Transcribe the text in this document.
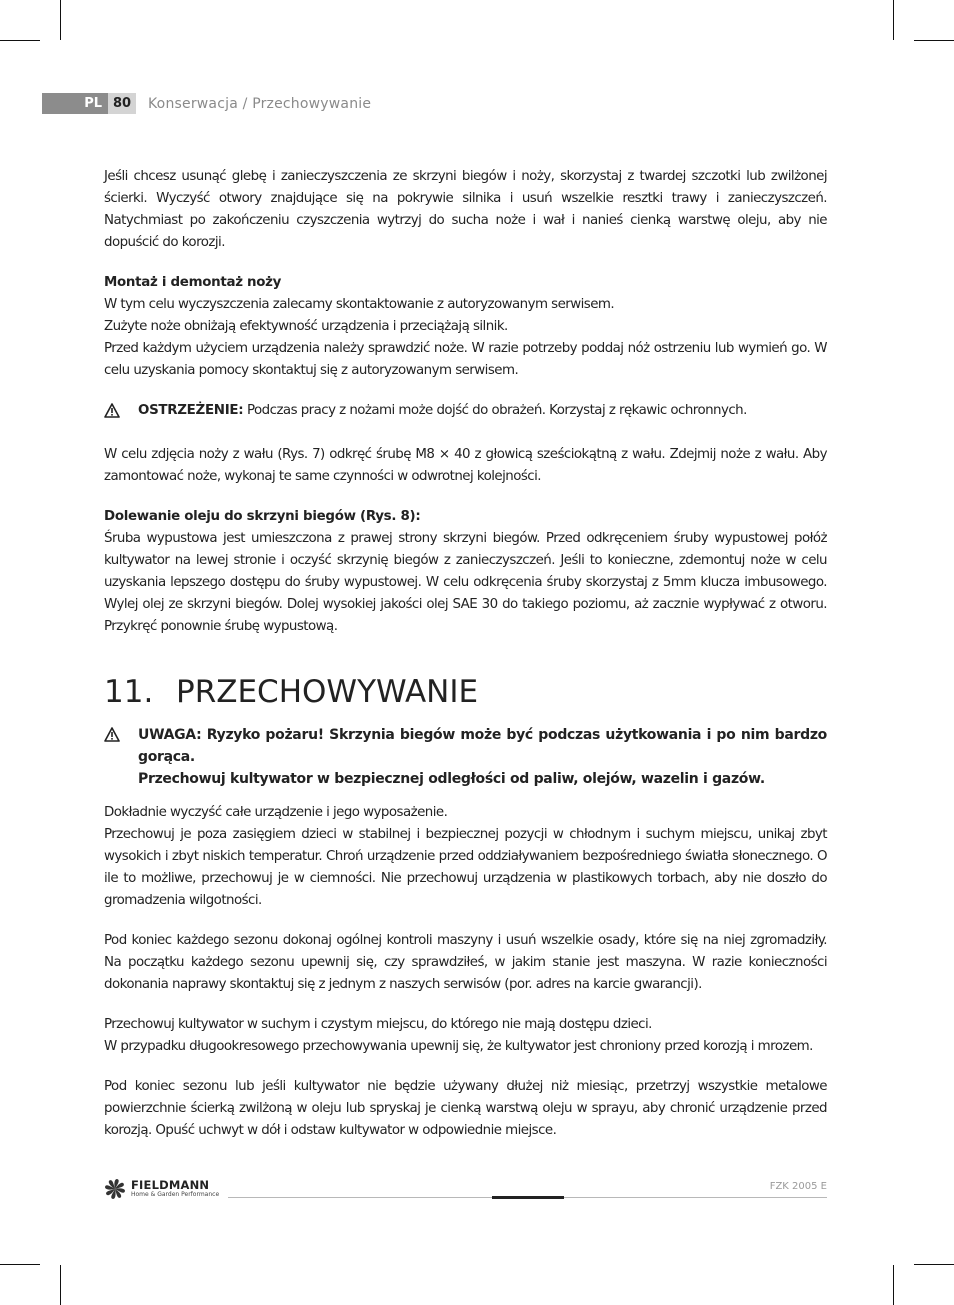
PL 80	Konserwacja / Przechowywanie

Jeśli chcesz usunąć glebę i zanieczyszczenia ze skrzyni biegów i noży, skorzystaj z twardej szczotki lub zwilżonej ścierki. Wyczyść otwory znajdujące się na pokrywie silnika i usuń wszelkie resztki trawy i zanieczyszczeń. Natychmiast po zakończeniu czyszczenia wytrzyj do sucha noże i wał i nanieś cienką warstwę oleju, aby nie dopuścić do korozji.

Montaż i demontaż noży

W tym celu wyczyszczenia zalecamy skontaktowanie z autoryzowanym serwisem.

Zużyte noże obniżają efektywność urządzenia i przeciążają silnik.

Przed każdym użyciem urządzenia należy sprawdzić noże. W razie potrzeby poddaj nóż ostrzeniu lub wymień go. W celu uzyskania pomocy skontaktuj się z autoryzowanym serwisem.

OSTRZEŻENIE: Podczas pracy z nożami może dojść do obrażeń. Korzystaj z rękawic ochronnych.

W celu zdjęcia noży z wału (Rys. 7) odkręć śrubę M8 × 40 z głowicą sześciokątną z wału. Zdejmij noże z wału. Aby zamontować noże, wykonaj te same czynności w odwrotnej kolejności.

Dolewanie oleju do skrzyni biegów (Rys. 8):

Śruba wypustowa jest umieszczona z prawej strony skrzyni biegów. Przed odkręceniem śruby wypustowej połóż kultywator na lewej stronie i oczyść skrzynię biegów z zanieczyszczeń. Jeśli to konieczne, zdemontuj noże w celu uzyskania lepszego dostępu do śruby wypustowej. W celu odkręcenia śruby skorzystaj z 5mm klucza imbusowego. Wylej olej ze skrzyni biegów. Dolej wysokiej jakości olej SAE 30 do takiego poziomu, aż zacznie wypływać z otworu. Przykręć ponownie śrubę wypustową.

11. PRZECHOWYWANIE

UWAGA: Ryzyko pożaru! Skrzynia biegów może być podczas użytkowania i po nim bardzo gorąca.

Przechowuj kultywator w bezpiecznej odległości od paliw, olejów, wazelin i gazów.

Dokładnie wyczyść całe urządzenie i jego wyposażenie.

Przechowuj je poza zasięgiem dzieci w stabilnej i bezpiecznej pozycji w chłodnym i suchym miejscu, unikaj zbyt wysokich i zbyt niskich temperatur. Chroń urządzenie przed oddziaływaniem bezpośredniego światła słonecznego. O ile to możliwe, przechowuj je w ciemności. Nie przechowuj urządzenia w plastikowych torbach, aby nie doszło do gromadzenia wilgotności.

Pod koniec każdego sezonu dokonaj ogólnej kontroli maszyny i usuń wszelkie osady, które się na niej zgromadziły. Na początku każdego sezonu upewnij się, czy sprawdziłeś, w jakim stanie jest maszyna. W razie konieczności dokonania naprawy skontaktuj się z jednym z naszych serwisów (por. adres na karcie gwarancji).

Przechowuj kultywator w suchym i czystym miejscu, do którego nie mają dostępu dzieci.

W przypadku długookresowego przechowywania upewnij się, że kultywator jest chroniony przed korozją i mrozem.

Pod koniec sezonu lub jeśli kultywator nie będzie używany dłużej niż miesiąc, przetrzyj wszystkie metalowe powierzchnie ścierką zwilżoną w oleju lub spryskaj je cienką warstwą oleju w sprayu, aby chronić urządzenie przed korozją. Opuść uchwyt w dół i odstaw kultywator w odpowiednie miejsce.

FIELDMANN
Home & Garden Performance
FZK 2005 E
